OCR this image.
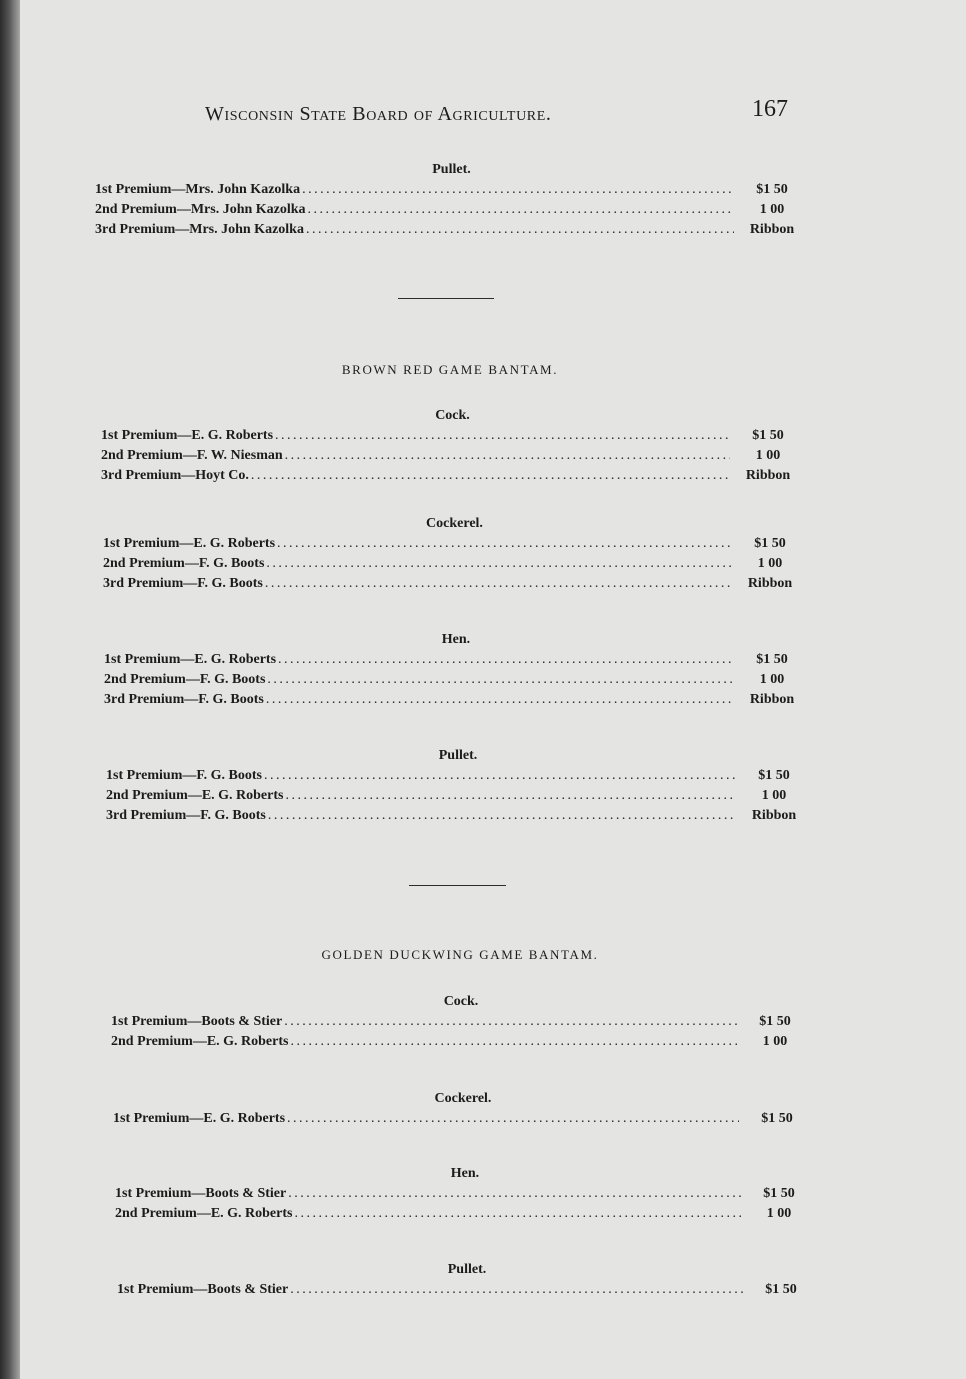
Wisconsin State Board of Agriculture.	167
Pullet.
1st Premium—Mrs. John Kazolka . . .	$1 50
2nd Premium—Mrs. John Kazolka . . .	1 00
3rd Premium—Mrs. John Kazolka . . .	Ribbon
BROWN RED GAME BANTAM.
Cock.
1st Premium—E. G. Roberts . . .	$1 50
2nd Premium—F. W. Niesman . . .	1 00
3rd Premium—Hoyt Co. . . .	Ribbon
Cockerel.
1st Premium—E. G. Roberts . . .	$1 50
2nd Premium—F. G. Boots . . .	1 00
3rd Premium—F. G. Boots . . .	Ribbon
Hen.
1st Premium—E. G. Roberts . . .	$1 50
2nd Premium—F. G. Boots . . .	1 00
3rd Premium—F. G. Boots . . .	Ribbon
Pullet.
1st Premium—F. G. Boots . . .	$1 50
2nd Premium—E. G. Roberts . . .	1 00
3rd Premium—F. G. Boots . . .	Ribbon
GOLDEN DUCKWING GAME BANTAM.
Cock.
1st Premium—Boots & Stier . . .	$1 50
2nd Premium—E. G. Roberts . . .	1 00
Cockerel.
1st Premium—E. G. Roberts . . .	$1 50
Hen.
1st Premium—Boots & Stier . . .	$1 50
2nd Premium—E. G. Roberts . . .	1 00
Pullet.
1st Premium—Boots & Stier . . .	$1 50
